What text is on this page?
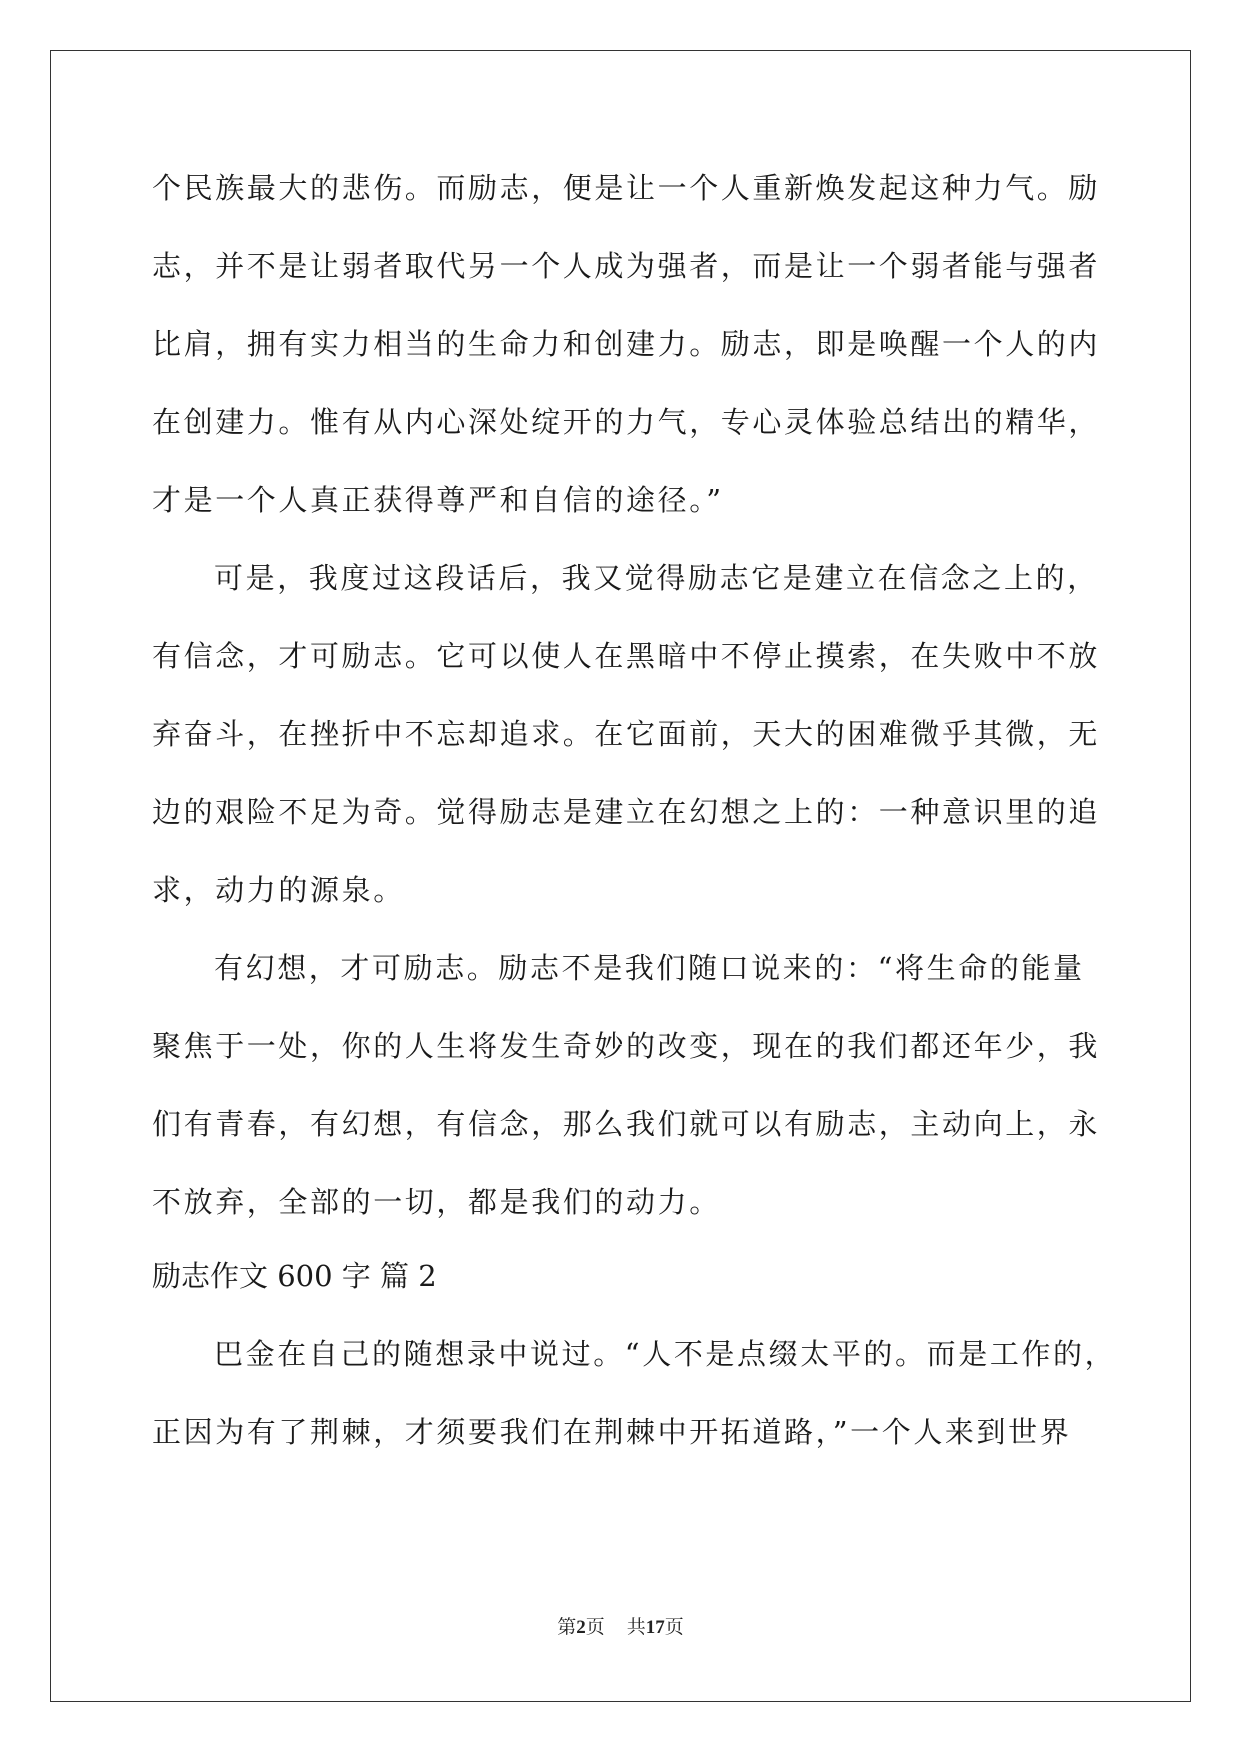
个民族最大的悲伤。而励志，便是让一个人重新焕发起这种力气。励
志，并不是让弱者取代另一个人成为强者，而是让一个弱者能与强者
比肩，拥有实力相当的生命力和创建力。励志，即是唤醒一个人的内
在创建力。惟有从内心深处绽开的力气，专心灵体验总结出的精华，
才是一个人真正获得尊严和自信的途径。”
可是，我度过这段话后，我又觉得励志它是建立在信念之上的，
有信念，才可励志。它可以使人在黑暗中不停止摸索，在失败中不放
弃奋斗，在挫折中不忘却追求。在它面前，天大的困难微乎其微，无
边的艰险不足为奇。觉得励志是建立在幻想之上的：一种意识里的追
求，动力的源泉。
有幻想，才可励志。励志不是我们随口说来的：“将生命的能量
聚焦于一处，你的人生将发生奇妙的改变，现在的我们都还年少，我
们有青春，有幻想，有信念，那么我们就可以有励志，主动向上，永
不放弃，全部的一切，都是我们的动力。
励志作文 600 字 篇 2
巴金在自己的随想录中说过。“人不是点缀太平的。而是工作的，
正因为有了荆棘，才须要我们在荆棘中开拓道路，”一个人来到世界
第2页 共17页
